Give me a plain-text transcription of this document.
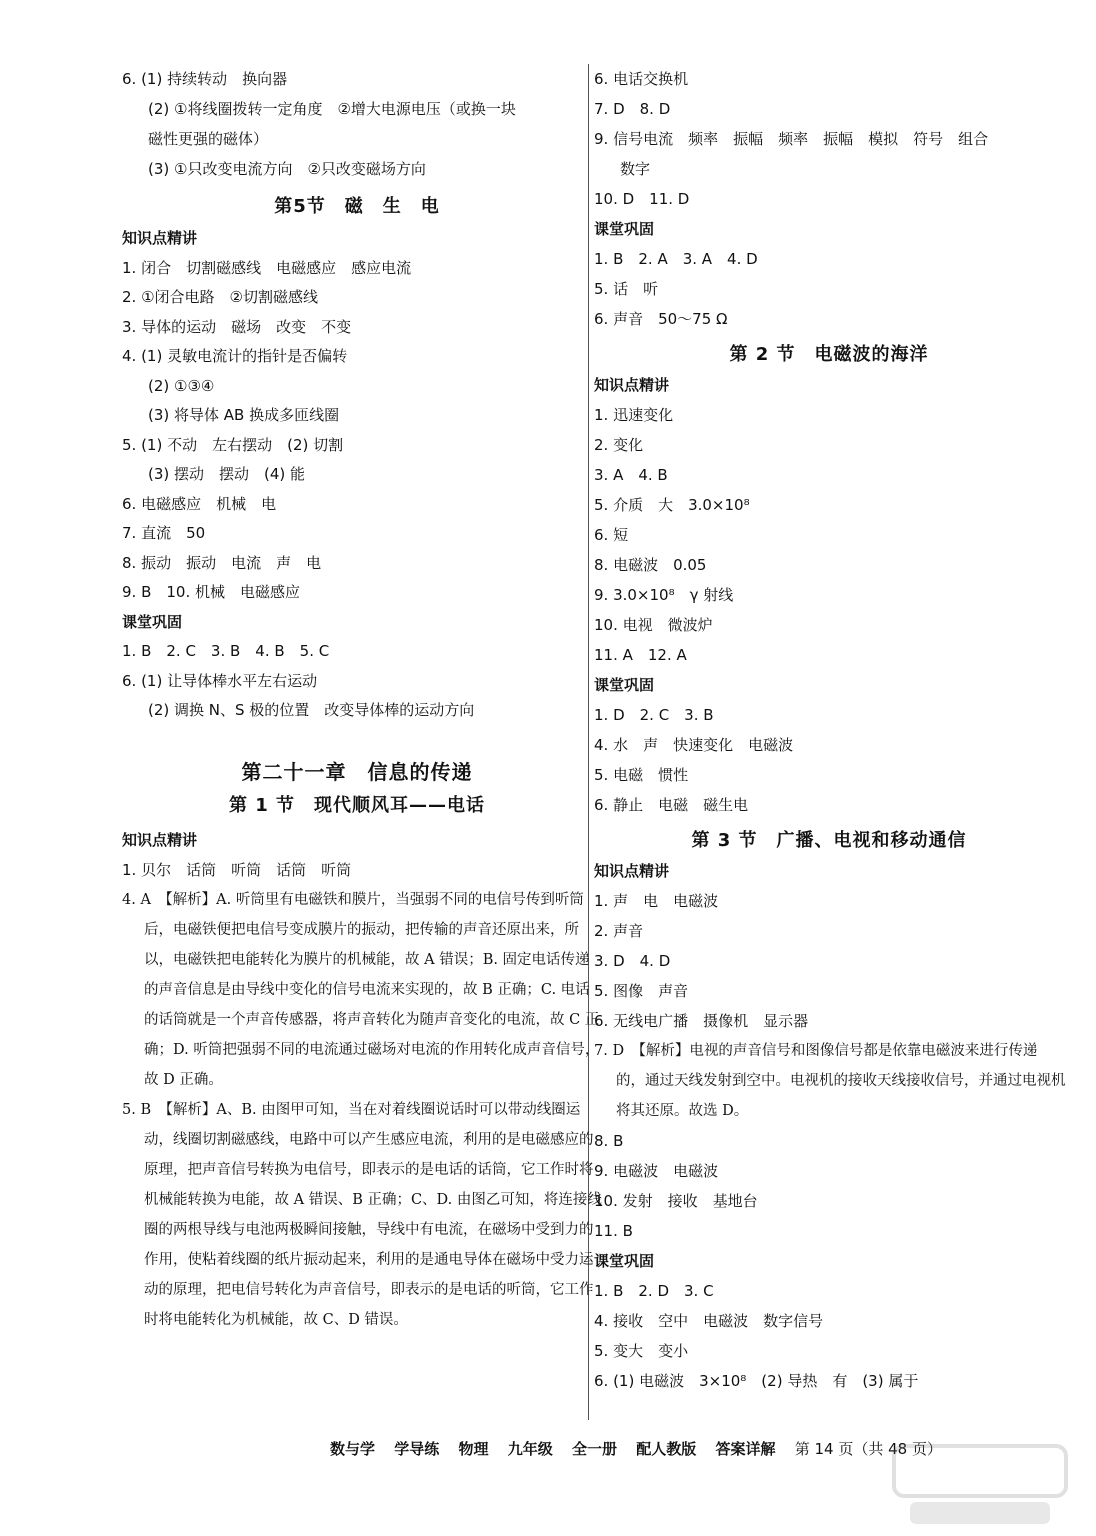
6. (1) 持续转动　换向器

(2) ①将线圈拨转一定角度　②增大电源电压（或换一块

磁性更强的磁体）

(3) ①只改变电流方向　②只改变磁场方向

第5节　磁　生　电

知识点精讲

1. 闭合　切割磁感线　电磁感应　感应电流

2. ①闭合电路　②切割磁感线

3. 导体的运动　磁场　改变　不变

4. (1) 灵敏电流计的指针是否偏转

(2) ①③④

(3) 将导体 AB 换成多匝线圈

5. (1) 不动　左右摆动　(2) 切割

(3) 摆动　摆动　(4) 能

6. 电磁感应　机械　电

7. 直流　50

8. 振动　振动　电流　声　电

9. B　10. 机械　电磁感应

课堂巩固

1. B　2. C　3. B　4. B　5. C

6. (1) 让导体棒水平左右运动

(2) 调换 N、S 极的位置　改变导体棒的运动方向

第二十一章　信息的传递

第 1 节　现代顺风耳——电话

知识点精讲

1. 贝尔　话筒　听筒　话筒　听筒

4. A　【解析】A. 听筒里有电磁铁和膜片，当强弱不同的电信号传到听筒后，电磁铁便把电信号变成膜片的振动，把传输的声音还原出来，所以，电磁铁把电能转化为膜片的机械能，故 A 错误；B. 固定电话传递的声音信息是由导线中变化的信号电流来实现的，故 B 正确；C. 电话的话筒就是一个声音传感器，将声音转化为随声音变化的电流，故 C 正确；D. 听筒把强弱不同的电流通过磁场对电流的作用转化成声音信号，故 D 正确。

5. B　【解析】A、B. 由图甲可知，当在对着线圈说话时可以带动线圈运动，线圈切割磁感线，电路中可以产生感应电流，利用的是电磁感应的原理，把声音信号转换为电信号，即表示的是电话的话筒，它工作时将机械能转换为电能，故 A 错误、B 正确；C、D. 由图乙可知，将连接线圈的两根导线与电池两极瞬间接触，导线中有电流，在磁场中受到力的作用，使粘着线圈的纸片振动起来，利用的是通电导体在磁场中受力运动的原理，把电信号转化为声音信号，即表示的是电话的听筒，它工作时将电能转化为机械能，故 C、D 错误。

6. 电话交换机

7. D　8. D

9. 信号电流　频率　振幅　频率　振幅　模拟　符号　组合

数字

10. D　11. D

课堂巩固

1. B　2. A　3. A　4. D

5. 话　听

6. 声音　50～75 Ω

第 2 节　电磁波的海洋

知识点精讲

1. 迅速变化

2. 变化

3. A　4. B

5. 介质　大　3.0×10⁸

6. 短

8. 电磁波　0.05

9. 3.0×10⁸　γ 射线

10. 电视　微波炉

11. A　12. A

课堂巩固

1. D　2. C　3. B

4. 水　声　快速变化　电磁波

5. 电磁　惯性

6. 静止　电磁　磁生电

第 3 节　广播、电视和移动通信

知识点精讲

1. 声　电　电磁波

2. 声音

3. D　4. D

5. 图像　声音

6. 无线电广播　摄像机　显示器

7. D　【解析】电视的声音信号和图像信号都是依靠电磁波来进行传递的，通过天线发射到空中。电视机的接收天线接收信号，并通过电视机将其还原。故选 D。

8. B

9. 电磁波　电磁波

10. 发射　接收　基地台

11. B

课堂巩固

1. B　2. D　3. C

4. 接收　空中　电磁波　数字信号

5. 变大　变小

6. (1) 电磁波　3×10⁸　(2) 导热　有　(3) 属于

数与学 学导练 物理 九年级 全一册 配人教版 答案详解 第 14 页（共 48 页）
